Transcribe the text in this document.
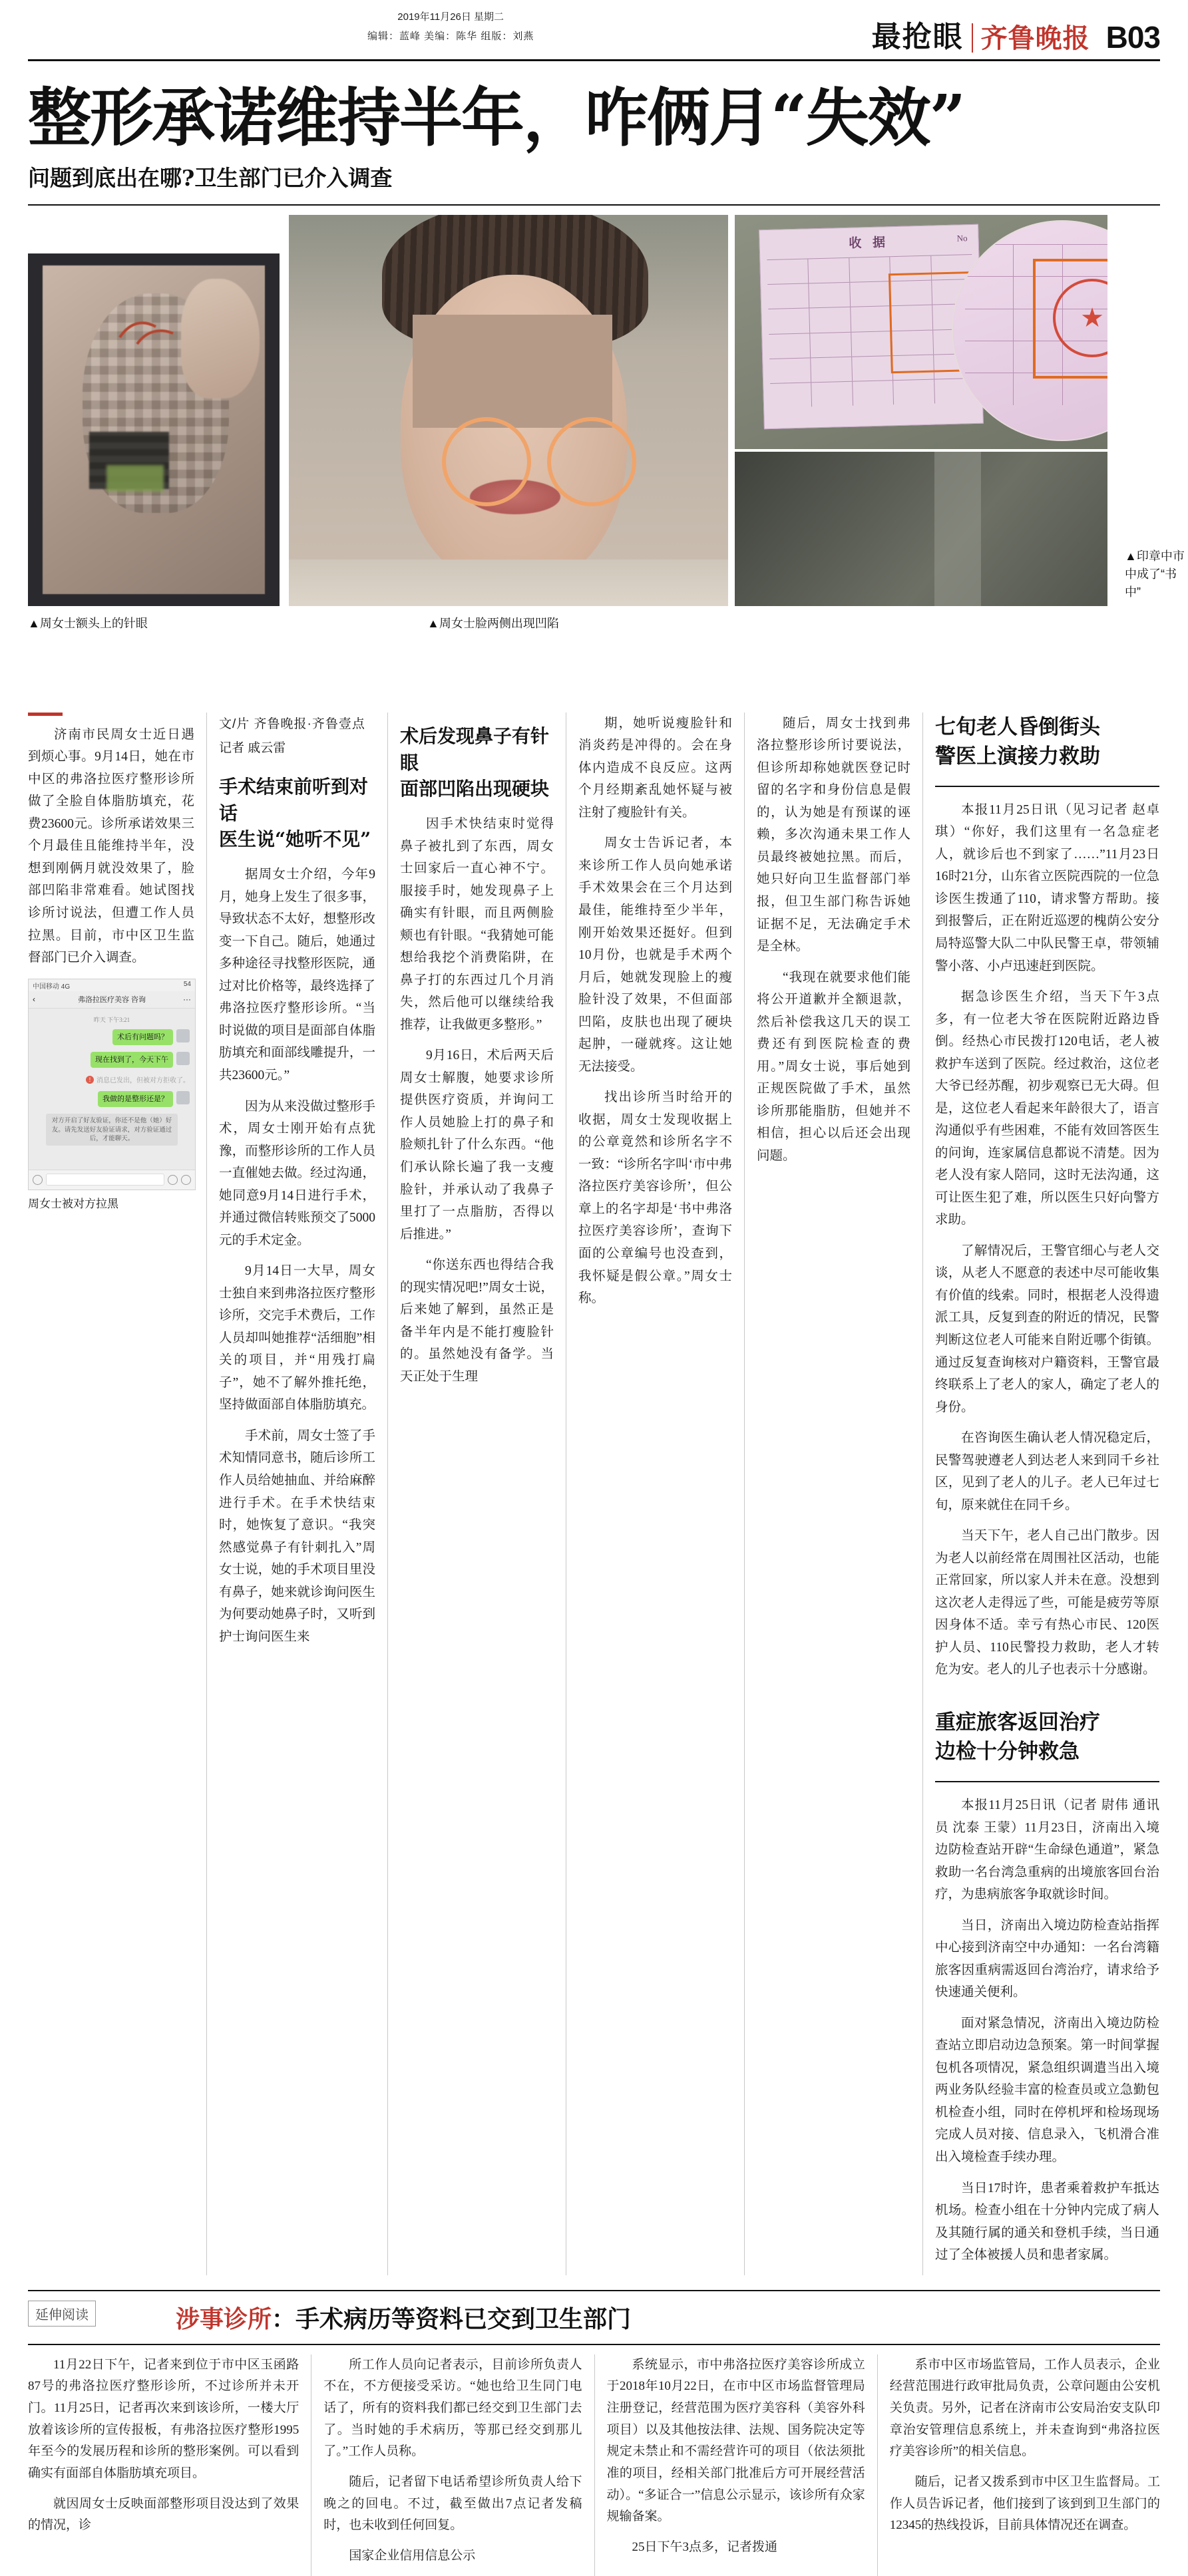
2019年11月26日 星期二
编辑：蓝峰 美编：陈华 组版：刘燕	最抢眼 齐鲁晚报 B03
整形承诺维持半年，咋俩月“失效”
问题到底出在哪?卫生部门已介入调查
收 据
★
▲周女士额头上的针眼	▲周女士脸两侧出现凹陷
▲印章中市中成了“书中”

济南市民周女士近日遇到烦心事。9月14日，她在市中区的弗洛拉医疗整形诊所做了全脸自体脂肪填充，花费23600元。诊所承诺效果三个月最佳且能维持半年，没想到刚俩月就没效果了，脸部凹陷非常难看。她试图找诊所讨说法，但遭工作人员拉黑。目前，市中区卫生监督部门已介入调查。

中国移动 4G	54
‹	弗洛拉医疗美容 咨询	···
昨天 下午3:21
术后有问题吗？
现在找到了，今天下午
! 消息已发出，但被对方拒收了。
我做的是整形还是？
对方开启了好友验证，你还不是他（她）好友。请先发送好友验证请求，对方验证通过后，才能聊天。
周女士被对方拉黑
文/片 齐鲁晚报·齐鲁壹点
记者 戚云雷
手术结束前听到对话
医生说“她听不见”

据周女士介绍，今年9月，她身上发生了很多事，导致状态不太好，想整形改变一下自己。随后，她通过多种途径寻找整形医院，通过对比价格等，最终选择了弗洛拉医疗整形诊所。“当时说做的项目是面部自体脂肪填充和面部线雕提升，一共23600元。”

因为从来没做过整形手术，周女士刚开始有点犹豫，而整形诊所的工作人员一直催她去做。经过沟通，她同意9月14日进行手术，并通过微信转账预交了5000元的手术定金。

9月14日一大早，周女士独自来到弗洛拉医疗整形诊所，交完手术费后，工作人员却叫她推荐“活细胞”相关的项目，并“用残打扁子”，她不了解外推托绝，坚持做面部自体脂肪填充。

手术前，周女士签了手术知情同意书，随后诊所工作人员给她抽血、并给麻醉进行手术。在手术快结束时，她恢复了意识。“我突然感觉鼻子有针刺扎入”周女士说，她的手术项目里没有鼻子，她来就诊询问医生为何要动她鼻子时，又听到护士询问医生来

术后发现鼻子有针眼
面部凹陷出现硬块

因手术快结束时觉得鼻子被扎到了东西，周女士回家后一直心神不宁。服接手时，她发现鼻子上确实有针眼，而且两侧脸颊也有针眼。“我猜她可能想给我挖个消费陷阱，在鼻子打的东西过几个月消失，然后他可以继续给我推荐，让我做更多整形。”

9月16日，术后两天后周女士解腹，她要求诊所提供医疗资质，并询问工作人员她脸上打的鼻子和脸颊扎针了什么东西。“他们承认除长遍了我一支瘦脸针，并承认动了我鼻子里打了一点脂肪，否得以后推进。”

“你送东西也得结合我的现实情况吧!”周女士说，后来她了解到，虽然正是备半年内是不能打瘦脸针的。虽然她没有备学。当天正处于生理

期，她听说瘦脸针和消炎药是冲得的。会在身体内造成不良反应。这两个月经期紊乱她怀疑与被注射了瘦脸针有关。

周女士告诉记者，本来诊所工作人员向她承诺手术效果会在三个月达到最佳，能维持至少半年，刚开始效果还挺好。但到10月份，也就是手术两个月后，她就发现脸上的瘦脸针没了效果，不但面部凹陷，皮肤也出现了硬块起肿，一碰就疼。这让她无法接受。

找出诊所当时给开的收据，周女士发现收据上的公章竟然和诊所名字不一致：“诊所名字叫‘市中弗洛拉医疗美容诊所’，但公章上的名字却是‘书中弗洛拉医疗美容诊所’，查询下面的公章编号也没查到，我怀疑是假公章。”周女士称。

随后，周女士找到弗洛拉整形诊所讨要说法，但诊所却称她就医登记时留的名字和身份信息是假的，认为她是有预谋的诬赖，多次沟通未果工作人员最终被她拉黑。而后，她只好向卫生监督部门举报，但卫生部门称告诉她证据不足，无法确定手术是全林。

“我现在就要求他们能将公开道歉并全额退款，然后补偿我这几天的误工费还有到医院检查的费用。”周女士说，事后她到正规医院做了手术，虽然诊所那能脂肪，但她并不相信，担心以后还会出现问题。

七旬老人昏倒街头
警医上演接力救助

本报11月25日讯（见习记者 赵卓琪）“你好，我们这里有一名急症老人，就诊后也不到家了……”11月23日16时21分，山东省立医院西院的一位急诊医生拨通了110，请求警方帮助。接到报警后，正在附近巡逻的槐荫公安分局特巡警大队二中队民警王卓，带领辅警小落、小卢迅速赶到医院。

据急诊医生介绍，当天下午3点多，有一位老大爷在医院附近路边昏倒。经热心市民拨打120电话，老人被救护车送到了医院。经过救治，这位老大爷已经苏醒，初步观察已无大碍。但是，这位老人看起来年龄很大了，语言沟通似乎有些困难，不能有效回答医生的问询，连家属信息都说不清楚。因为老人没有家人陪同，这时无法沟通，这可让医生犯了难，所以医生只好向警方求助。

了解情况后，王警官细心与老人交谈，从老人不愿意的表述中尽可能收集有价值的线索。同时，根据老人没得遗派工具，反复到查的附近的情况，民警判断这位老人可能来自附近哪个街镇。通过反复查询核对户籍资料，王警官最终联系上了老人的家人，确定了老人的身份。

在咨询医生确认老人情况稳定后，民警驾驶遵老人到达老人来到同千乡社区，见到了老人的儿子。老人已年过七旬，原来就住在同千乡。

当天下午，老人自己出门散步。因为老人以前经常在周围社区活动，也能正常回家，所以家人并未在意。没想到这次老人走得远了些，可能是疲劳等原因身体不适。幸亏有热心市民、120医护人员、110民警投力救助，老人才转危为安。老人的儿子也表示十分感谢。

重症旅客返回治疗
边检十分钟救急

本报11月25日讯（记者 尉伟 通讯员 沈泰 王蒙）11月23日，济南出入境边防检查站开辟“生命绿色通道”，紧急救助一名台湾急重病的出境旅客回台治疗，为患病旅客争取就诊时间。

当日，济南出入境边防检查站指挥中心接到济南空中办通知：一名台湾籍旅客因重病需返回台湾治疗，请求给予快速通关便利。

面对紧急情况，济南出入境边防检查站立即启动边急预案。第一时间掌握包机各项情况，紧急组织调遣当出入境两业务队经验丰富的检查员或立急勤包机检查小组，同时在停机坪和检场现场完成人员对接、信息录入，飞机滑合准出入境检查手续办理。

当日17时许，患者乘着救护车抵达机场。检查小组在十分钟内完成了病人及其随行属的通关和登机手续，当日通过了全体被援人员和患者家属。

延伸阅读	涉事诊所：手术病历等资料已交到卫生部门

11月22日下午，记者来到位于市中区玉函路87号的弗洛拉医疗整形诊所，不过诊所并未开门。11月25日，记者再次来到该诊所，一楼大厅放着该诊所的宣传报板，有弗洛拉医疗整形1995年至今的发展历程和诊所的整形案例。可以看到确实有面部自体脂肪填充项目。

就因周女士反映面部整形项目没达到了效果的情况，诊

所工作人员向记者表示，目前诊所负责人不在，不方便接受采访。“她也给卫生同门电话了，所有的资料我们都已经交到卫生部门去了。当时她的手术病历，等那已经交到那儿了。”工作人员称。

随后，记者留下电话希望诊所负责人给下晚之的回电。不过，截至做出7点记者发稿时，也未收到任何回复。

国家企业信用信息公示

系统显示，市中弗洛拉医疗美容诊所成立于2018年10月22日，在市中区市场监督管理局注册登记，经营范围为医疗美容科（美容外科项目）以及其他按法律、法规、国务院决定等规定未禁止和不需经营许可的项目（依法须批准的项目，经相关部门批准后方可开展经营活动）。“多证合一”信息公示显示，该诊所有众家规输备案。

25日下午3点多，记者拨通

系市中区市场监管局，工作人员表示，企业经营范围进行政审批局负责，公章问题由公安机关负责。另外，记者在济南市公安局治安支队印章治安管理信息系统上，并未查询到“弗洛拉医疗美容诊所”的相关信息。

随后，记者又拨系到市中区卫生监督局。工作人员告诉记者，他们接到了该到到卫生部门的12345的热线投诉，目前具体情况还在调查。
